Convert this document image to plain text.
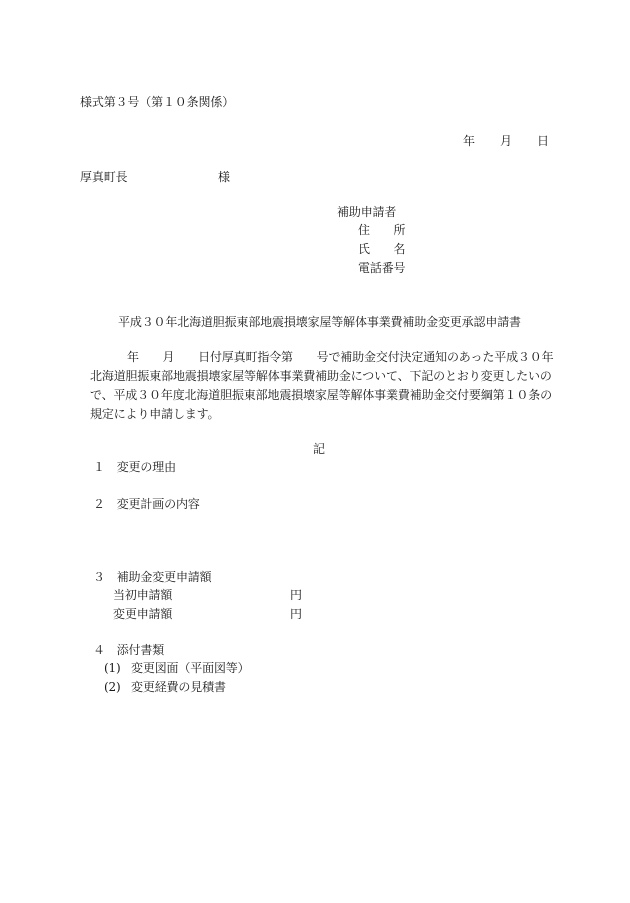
様式第３号（第１０条関係）
年 月 日
厚真町長	様
補助申請者
住　　所
氏　　名
電話番号
平成３０年北海道胆振東部地震損壊家屋等解体事業費補助金変更承認申請書
年　　月　　日付厚真町指令第　　号で補助金交付決定通知のあった平成３０年
北海道胆振東部地震損壊家屋等解体事業費補助金について、下記のとおり変更したいの
で、平成３０年度北海道胆振東部地震損壊家屋等解体事業費補助金交付要綱第１０条の
規定により申請します。
記
１　変更の理由
２　変更計画の内容
３　補助金変更申請額
当初申請額	円
変更申請額	円
４　添付書類
(1) 変更図面（平面図等）
(2) 変更経費の見積書
